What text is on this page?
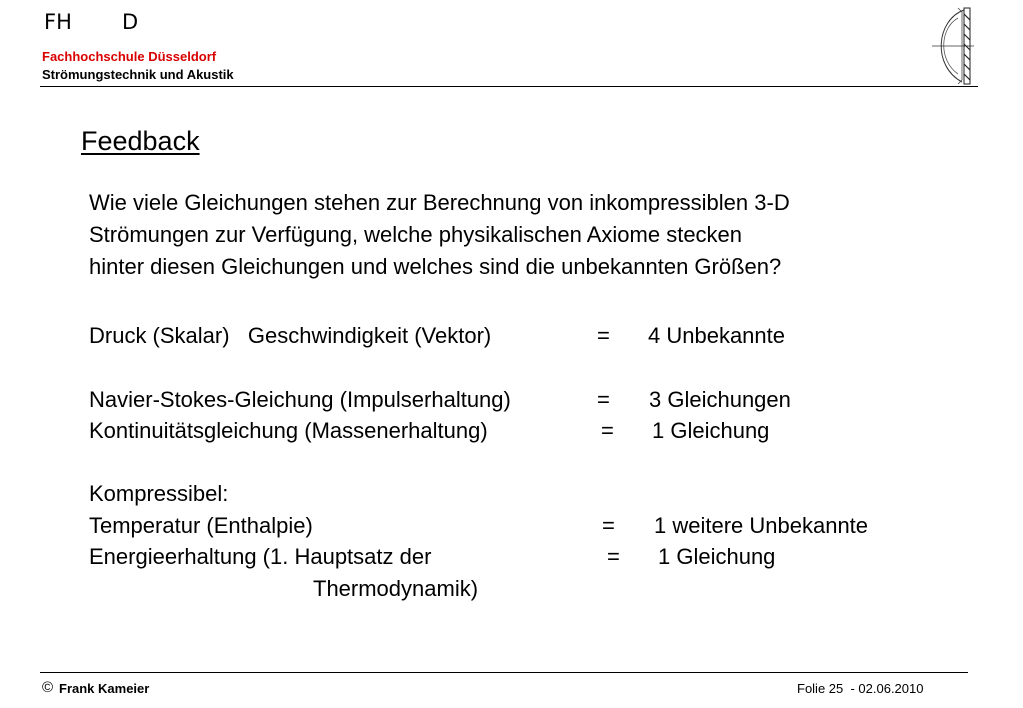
FH D
Fachhochschule Düsseldorf
Strömungstechnik und Akustik
Feedback
Wie viele Gleichungen stehen zur Berechnung von inkompressiblen 3-D
Strömungen zur Verfügung, welche physikalischen Axiome stecken
hinter diesen Gleichungen und welches sind die unbekannten Größen?
Druck (Skalar)   Geschwindigkeit (Vektor)	= 4 Unbekannte
Navier-Stokes-Gleichung (Impulserhaltung)	= 3 Gleichungen
Kontinuitätsgleichung (Massenerhaltung)	= 1 Gleichung
Kompressibel:
Temperatur (Enthalpie)	= 1 weitere Unbekannte
Energieerhaltung (1. Hauptsatz der	= 1 Gleichung
Thermodynamik)
© Frank Kameier	Folie 25  - 02.06.2010
